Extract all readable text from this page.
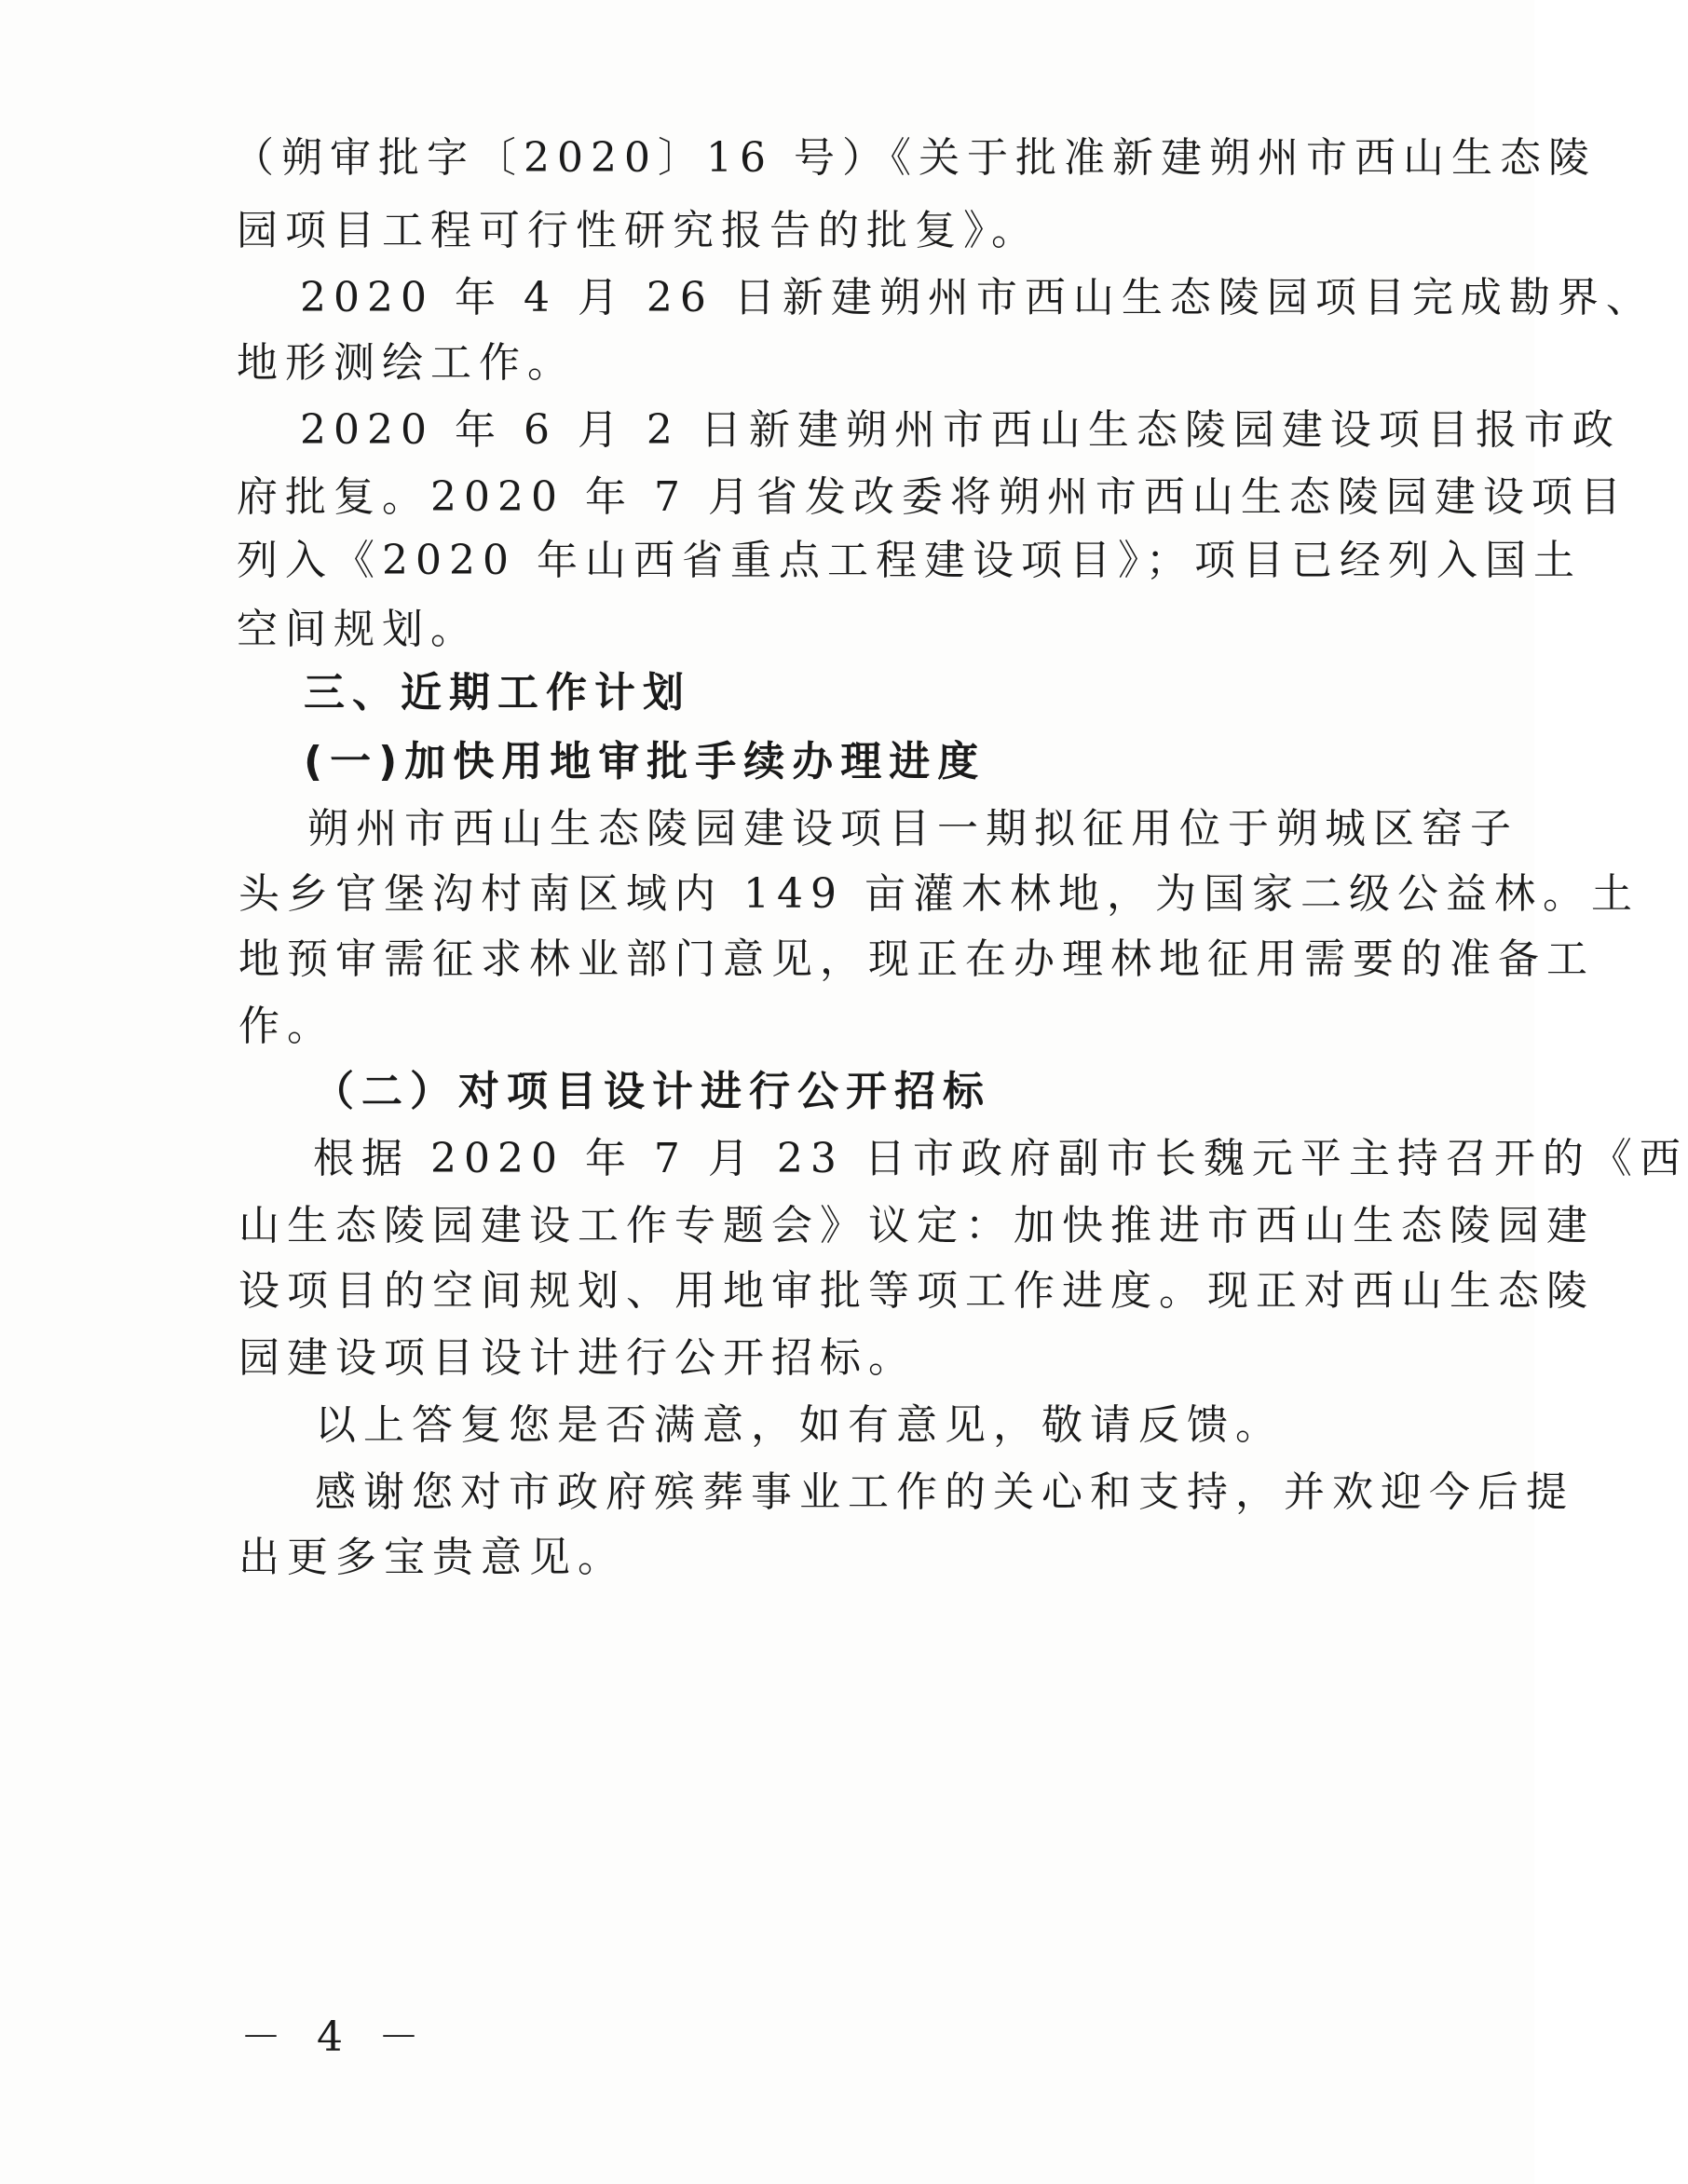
（朔审批字〔2020〕16 号）《关于批准新建朔州市西山生态陵
园项目工程可行性研究报告的批复》。
2020 年 4 月 26 日新建朔州市西山生态陵园项目完成勘界、
地形测绘工作。
2020 年 6 月 2 日新建朔州市西山生态陵园建设项目报市政
府批复。2020 年 7 月省发改委将朔州市西山生态陵园建设项目
列入《2020 年山西省重点工程建设项目》；项目已经列入国土
空间规划。
三、近期工作计划
(一)加快用地审批手续办理进度
朔州市西山生态陵园建设项目一期拟征用位于朔城区窑子
头乡官堡沟村南区域内 149 亩灌木林地，为国家二级公益林。土
地预审需征求林业部门意见，现正在办理林地征用需要的准备工
作。
（二）对项目设计进行公开招标
根据 2020 年 7 月 23 日市政府副市长魏元平主持召开的《西
山生态陵园建设工作专题会》议定：加快推进市西山生态陵园建
设项目的空间规划、用地审批等项工作进度。现正对西山生态陵
园建设项目设计进行公开招标。
以上答复您是否满意，如有意见，敬请反馈。
感谢您对市政府殡葬事业工作的关心和支持，并欢迎今后提
出更多宝贵意见。
－ 4 －
